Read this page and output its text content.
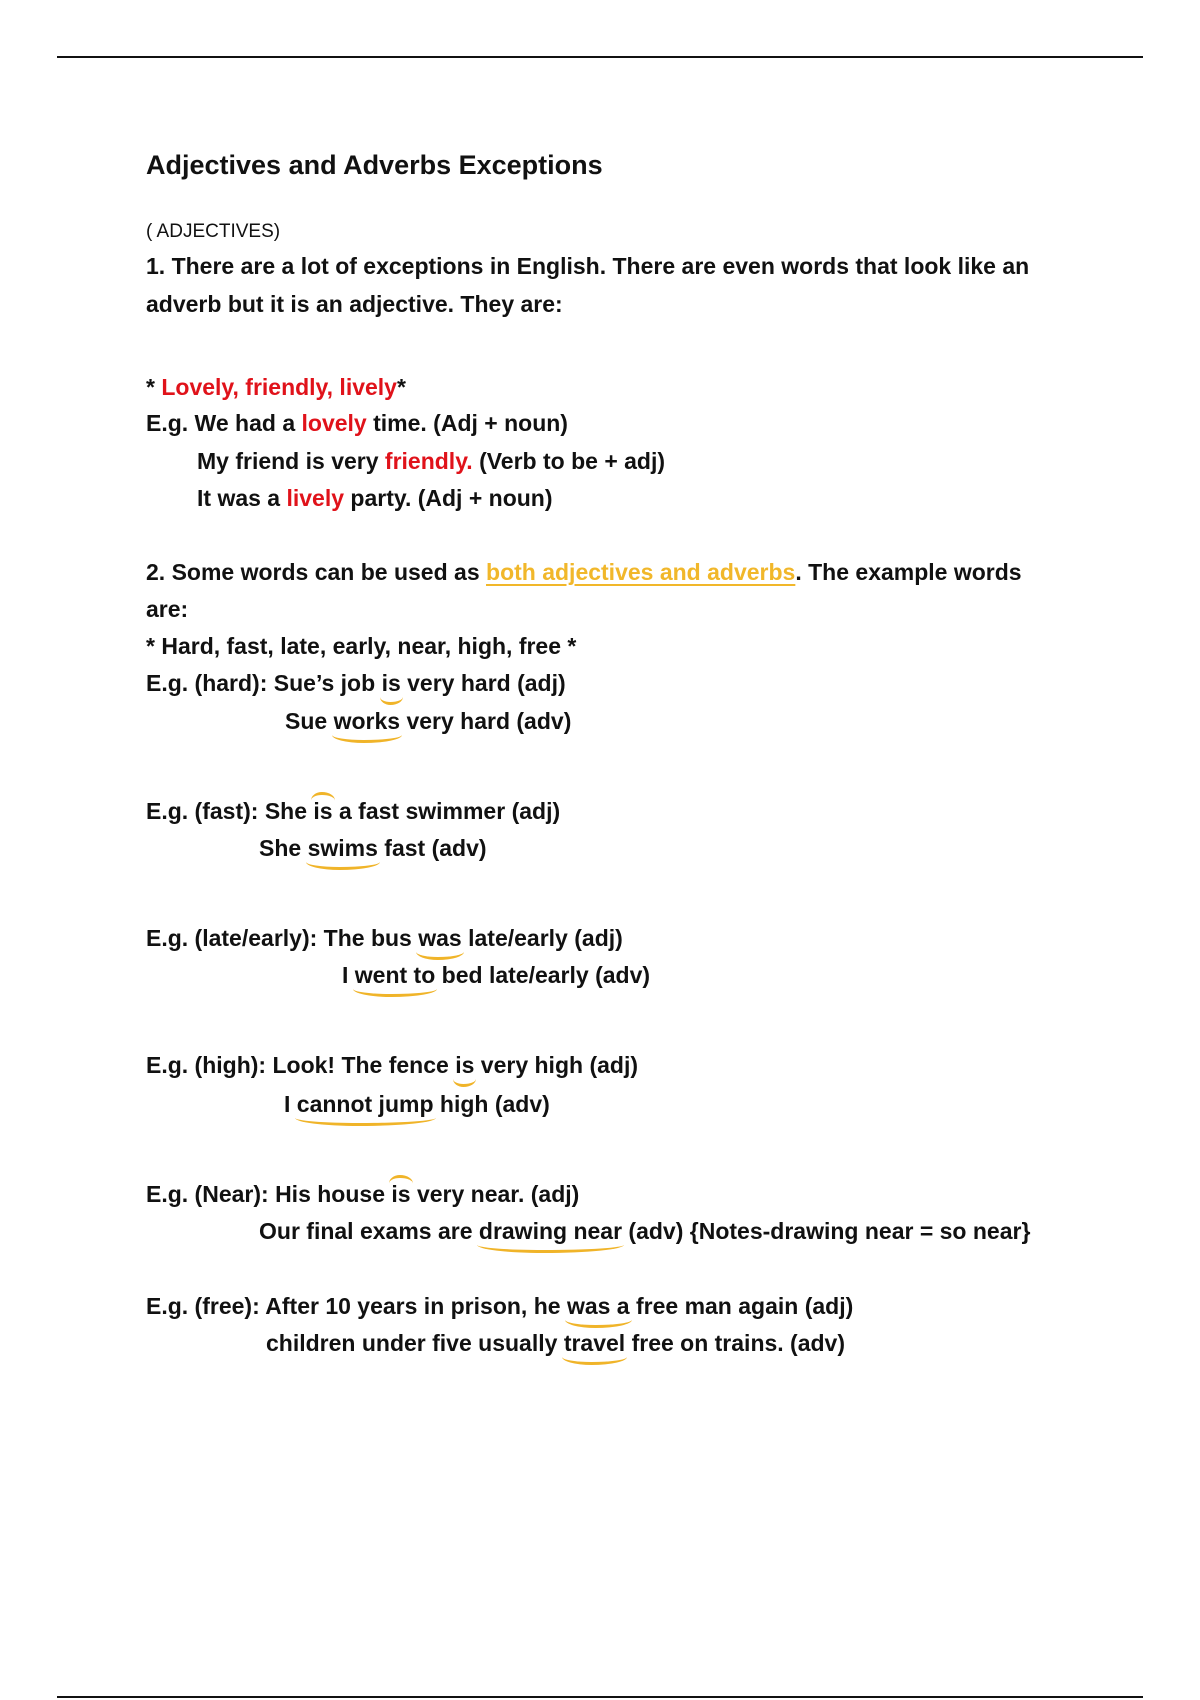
Adjectives and Adverbs Exceptions
( ADJECTIVES)
1. There are a lot of exceptions in English. There are even words that look like an
adverb but it is an adjective. They are:
* Lovely, friendly, lively*
E.g. We had a lovely time. (Adj + noun)
My friend is very friendly. (Verb to be + adj)
It was a lively party. (Adj + noun)
2. Some words can be used as both adjectives and adverbs. The example words
are:
* Hard, fast, late, early, near, high, free *
E.g. (hard): Sue’s job is very hard (adj)
Sue works very hard (adv)
E.g. (fast): She is a fast swimmer (adj)
She swims fast (adv)
E.g. (late/early): The bus was late/early (adj)
I went to bed late/early (adv)
E.g. (high): Look! The fence is very high (adj)
I cannot jump high (adv)
E.g. (Near): His house is very near. (adj)
Our final exams are drawing near (adv) {Notes-drawing near = so near}
E.g. (free): After 10 years in prison, he was a free man again (adj)
children under five usually travel free on trains. (adv)
